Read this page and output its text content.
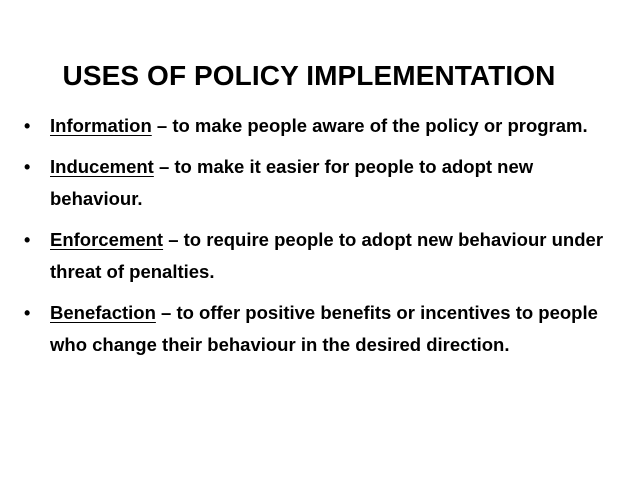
USES OF POLICY IMPLEMENTATION
•	Information – to make people aware of the policy or program.
•	Inducement – to make it easier for people to adopt new behaviour.
•	Enforcement – to require people to adopt new behaviour under threat of penalties.
•	Benefaction – to offer positive benefits or incentives to people who change their behaviour in the desired direction.
